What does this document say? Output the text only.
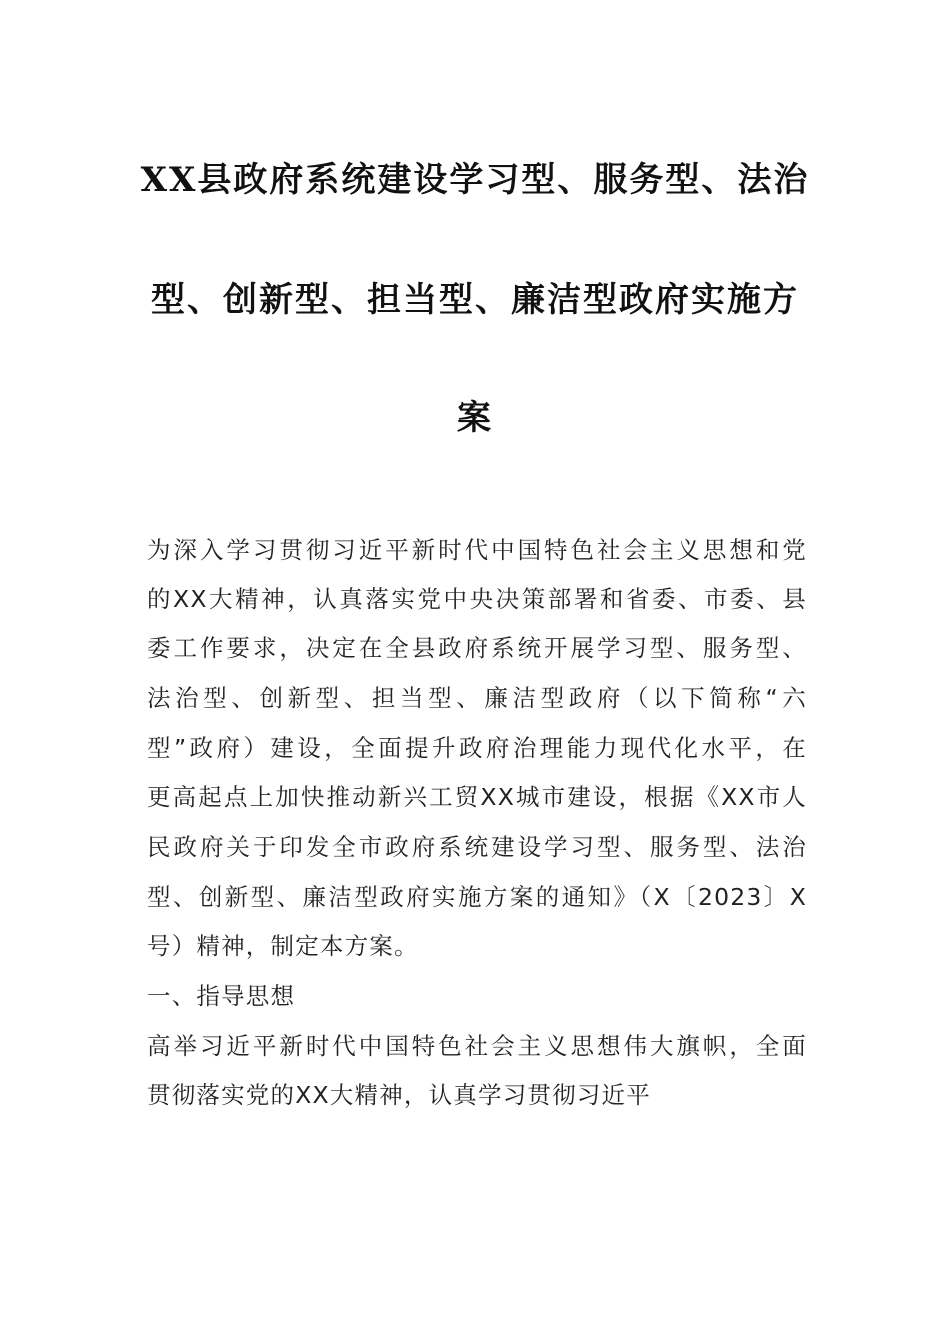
XX县政府系统建设学习型、服务型、法治
型、创新型、担当型、廉洁型政府实施方
案
为深入学习贯彻习近平新时代中国特色社会主义思想和党
的XX大精神，认真落实党中央决策部署和省委、市委、县
委工作要求，决定在全县政府系统开展学习型、服务型、
法治型、创新型、担当型、廉洁型政府（以下简称“六
型”政府）建设，全面提升政府治理能力现代化水平，在
更高起点上加快推动新兴工贸XX城市建设，根据《XX市人
民政府关于印发全市政府系统建设学习型、服务型、法治
型、创新型、廉洁型政府实施方案的通知》（X〔2023〕X
号）精神，制定本方案。
一、指导思想
高举习近平新时代中国特色社会主义思想伟大旗帜，全面
贯彻落实党的XX大精神，认真学习贯彻习近平
